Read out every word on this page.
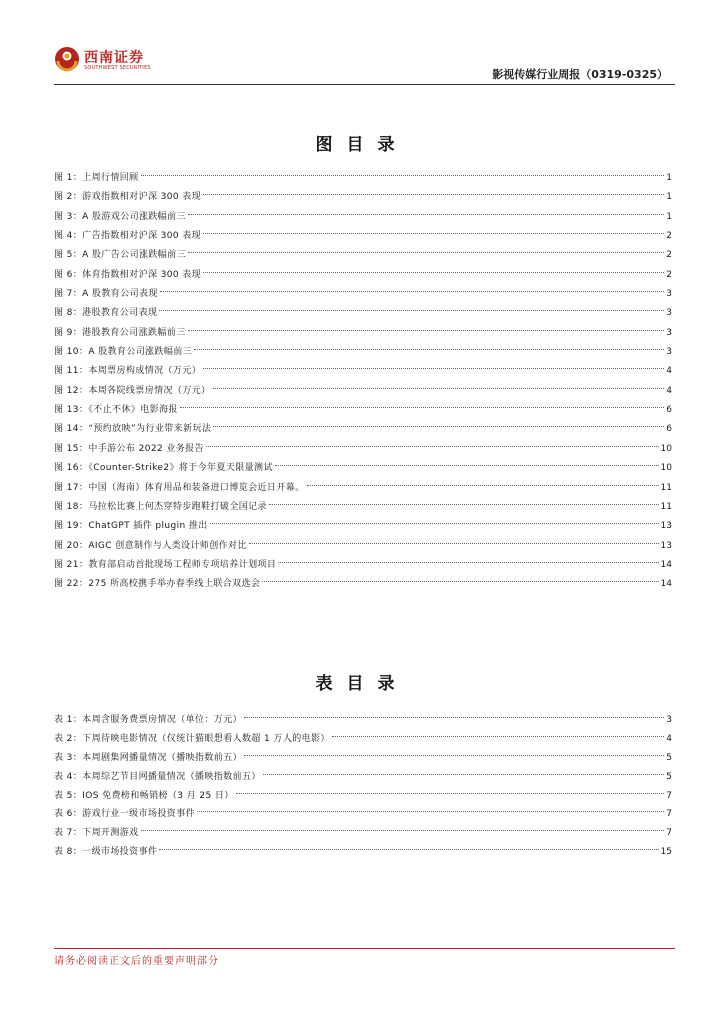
西南证券
SOUTHWEST SECURITIES	影视传媒行业周报（0319-0325）
图目录
图 1：上周行情回顾	1
图 2：游戏指数相对沪深 300 表现	1
图 3：A 股游戏公司涨跌幅前三	1
图 4：广告指数相对沪深 300 表现	2
图 5：A 股广告公司涨跌幅前三	2
图 6：体育指数相对沪深 300 表现	2
图 7：A 股教育公司表现	3
图 8：港股教育公司表现	3
图 9：港股教育公司涨跌幅前三	3
图 10：A 股教育公司涨跌幅前三	3
图 11：本周票房构成情况（万元）	4
图 12：本周各院线票房情况（万元）	4
图 13：《不止不休》电影海报	6
图 14：“预约放映”为行业带来新玩法	6
图 15：中手游公布 2022 业务报告	10
图 16：《Counter-Strike2》将于今年夏天限量测试	10
图 17：中国（海南）体育用品和装备进口博览会近日开幕。	11
图 18：马拉松比赛上何杰穿特步跑鞋打破全国记录	11
图 19：ChatGPT 插件 plugin 推出	13
图 20：AIGC 创意制作与人类设计师创作对比	13
图 21：教育部启动首批现场工程师专项培养计划项目	14
图 22：275 所高校携手举办春季线上联合双选会	14
表目录
表 1：本周含服务费票房情况（单位：万元）	3
表 2：下周待映电影情况（仅统计猫眼想看人数超 1 万人的电影）	4
表 3：本周剧集网播量情况（播映指数前五）	5
表 4：本周综艺节目网播量情况（播映指数前五）	5
表 5：IOS 免费榜和畅销榜（3 月 25 日）	7
表 6：游戏行业一级市场投资事件	7
表 7：下周开测游戏	7
表 8：一级市场投资事件	15
请务必阅读正文后的重要声明部分
